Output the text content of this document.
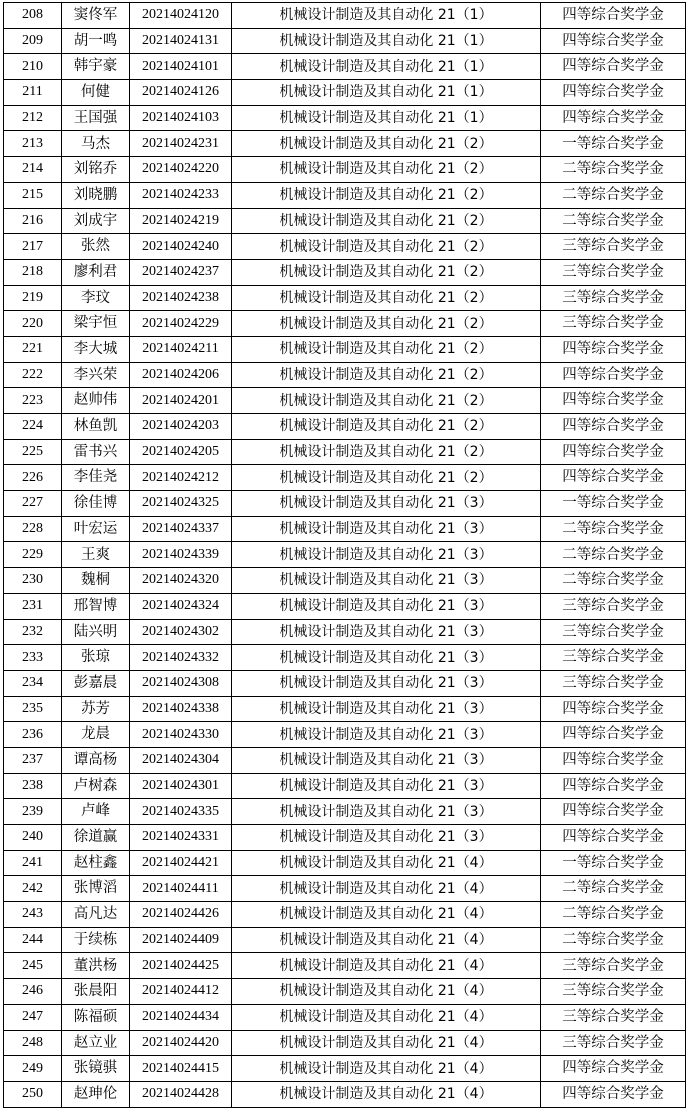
208	窦佟军	20214024120	机械设计制造及其自动化 21（1）	四等综合奖学金
209	胡一鸣	20214024131	机械设计制造及其自动化 21（1）	四等综合奖学金
210	韩宇豪	20214024101	机械设计制造及其自动化 21（1）	四等综合奖学金
211	何健	20214024126	机械设计制造及其自动化 21（1）	四等综合奖学金
212	王国强	20214024103	机械设计制造及其自动化 21（1）	四等综合奖学金
213	马杰	20214024231	机械设计制造及其自动化 21（2）	一等综合奖学金
214	刘铭乔	20214024220	机械设计制造及其自动化 21（2）	二等综合奖学金
215	刘晓鹏	20214024233	机械设计制造及其自动化 21（2）	二等综合奖学金
216	刘成宇	20214024219	机械设计制造及其自动化 21（2）	二等综合奖学金
217	张然	20214024240	机械设计制造及其自动化 21（2）	三等综合奖学金
218	廖利君	20214024237	机械设计制造及其自动化 21（2）	三等综合奖学金
219	李玟	20214024238	机械设计制造及其自动化 21（2）	三等综合奖学金
220	梁宇恒	20214024229	机械设计制造及其自动化 21（2）	三等综合奖学金
221	李大城	20214024211	机械设计制造及其自动化 21（2）	四等综合奖学金
222	李兴荣	20214024206	机械设计制造及其自动化 21（2）	四等综合奖学金
223	赵帅伟	20214024201	机械设计制造及其自动化 21（2）	四等综合奖学金
224	林鱼凯	20214024203	机械设计制造及其自动化 21（2）	四等综合奖学金
225	雷书兴	20214024205	机械设计制造及其自动化 21（2）	四等综合奖学金
226	李佳尧	20214024212	机械设计制造及其自动化 21（2）	四等综合奖学金
227	徐佳博	20214024325	机械设计制造及其自动化 21（3）	一等综合奖学金
228	叶宏运	20214024337	机械设计制造及其自动化 21（3）	二等综合奖学金
229	王爽	20214024339	机械设计制造及其自动化 21（3）	二等综合奖学金
230	魏桐	20214024320	机械设计制造及其自动化 21（3）	二等综合奖学金
231	邢智博	20214024324	机械设计制造及其自动化 21（3）	三等综合奖学金
232	陆兴明	20214024302	机械设计制造及其自动化 21（3）	三等综合奖学金
233	张琼	20214024332	机械设计制造及其自动化 21（3）	三等综合奖学金
234	彭嘉晨	20214024308	机械设计制造及其自动化 21（3）	三等综合奖学金
235	苏芳	20214024338	机械设计制造及其自动化 21（3）	四等综合奖学金
236	龙晨	20214024330	机械设计制造及其自动化 21（3）	四等综合奖学金
237	谭高杨	20214024304	机械设计制造及其自动化 21（3）	四等综合奖学金
238	卢树森	20214024301	机械设计制造及其自动化 21（3）	四等综合奖学金
239	卢峰	20214024335	机械设计制造及其自动化 21（3）	四等综合奖学金
240	徐道赢	20214024331	机械设计制造及其自动化 21（3）	四等综合奖学金
241	赵柱鑫	20214024421	机械设计制造及其自动化 21（4）	一等综合奖学金
242	张博滔	20214024411	机械设计制造及其自动化 21（4）	二等综合奖学金
243	高凡达	20214024426	机械设计制造及其自动化 21（4）	二等综合奖学金
244	于续栋	20214024409	机械设计制造及其自动化 21（4）	二等综合奖学金
245	董洪杨	20214024425	机械设计制造及其自动化 21（4）	三等综合奖学金
246	张晨阳	20214024412	机械设计制造及其自动化 21（4）	三等综合奖学金
247	陈福硕	20214024434	机械设计制造及其自动化 21（4）	三等综合奖学金
248	赵立业	20214024420	机械设计制造及其自动化 21（4）	三等综合奖学金
249	张镜骐	20214024415	机械设计制造及其自动化 21（4）	四等综合奖学金
250	赵珅伦	20214024428	机械设计制造及其自动化 21（4）	四等综合奖学金
